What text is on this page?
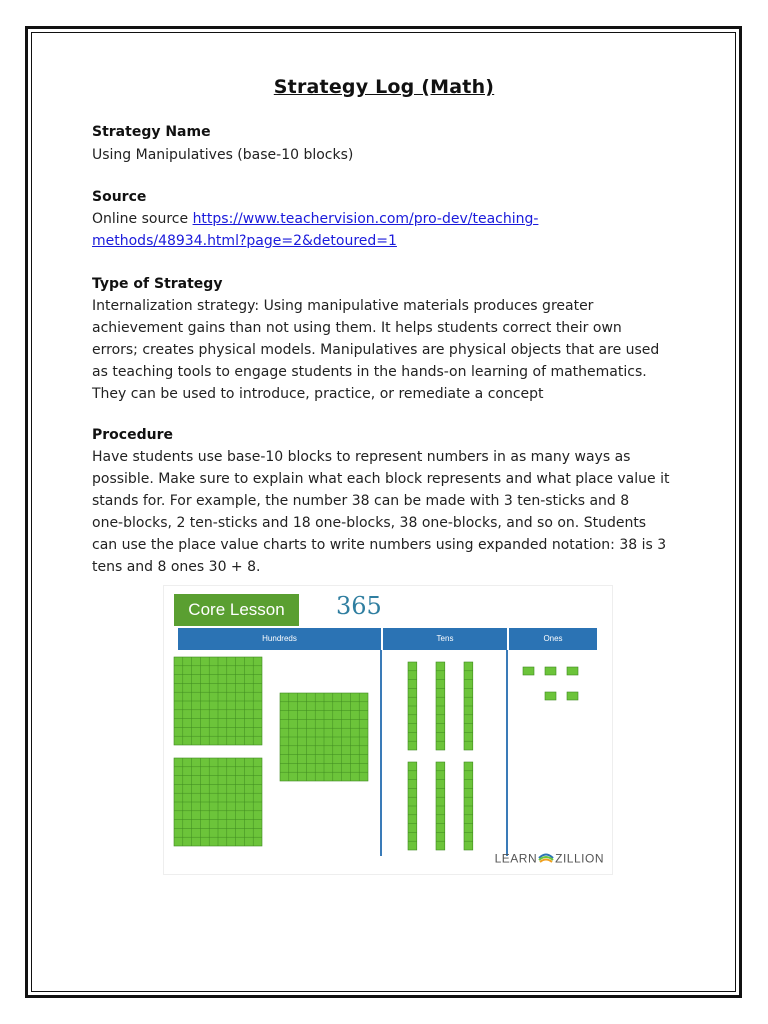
Strategy Log (Math)
Strategy Name
Using Manipulatives (base-10 blocks)
Source
Online source https://www.teachervision.com/pro-dev/teaching-
methods/48934.html?page=2&detoured=1
Type of Strategy
Internalization strategy: Using manipulative materials produces greater
achievement gains than not using them. It helps students correct their own
errors; creates physical models. Manipulatives are physical objects that are used
as teaching tools to engage students in the hands-on learning of mathematics.
They can be used to introduce, practice, or remediate a concept
Procedure
Have students use base-10 blocks to represent numbers in as many ways as
possible. Make sure to explain what each block represents and what place value it
stands for. For example, the number 38 can be made with 3 ten-sticks and 8
one-blocks, 2 ten-sticks and 18 one-blocks, 38 one-blocks, and so on. Students
can use the place value charts to write numbers using expanded notation: 38 is 3
tens and 8 ones 30 + 8.
Core Lesson	365
Hundreds	Tens	Ones
LEARN ZILLION
